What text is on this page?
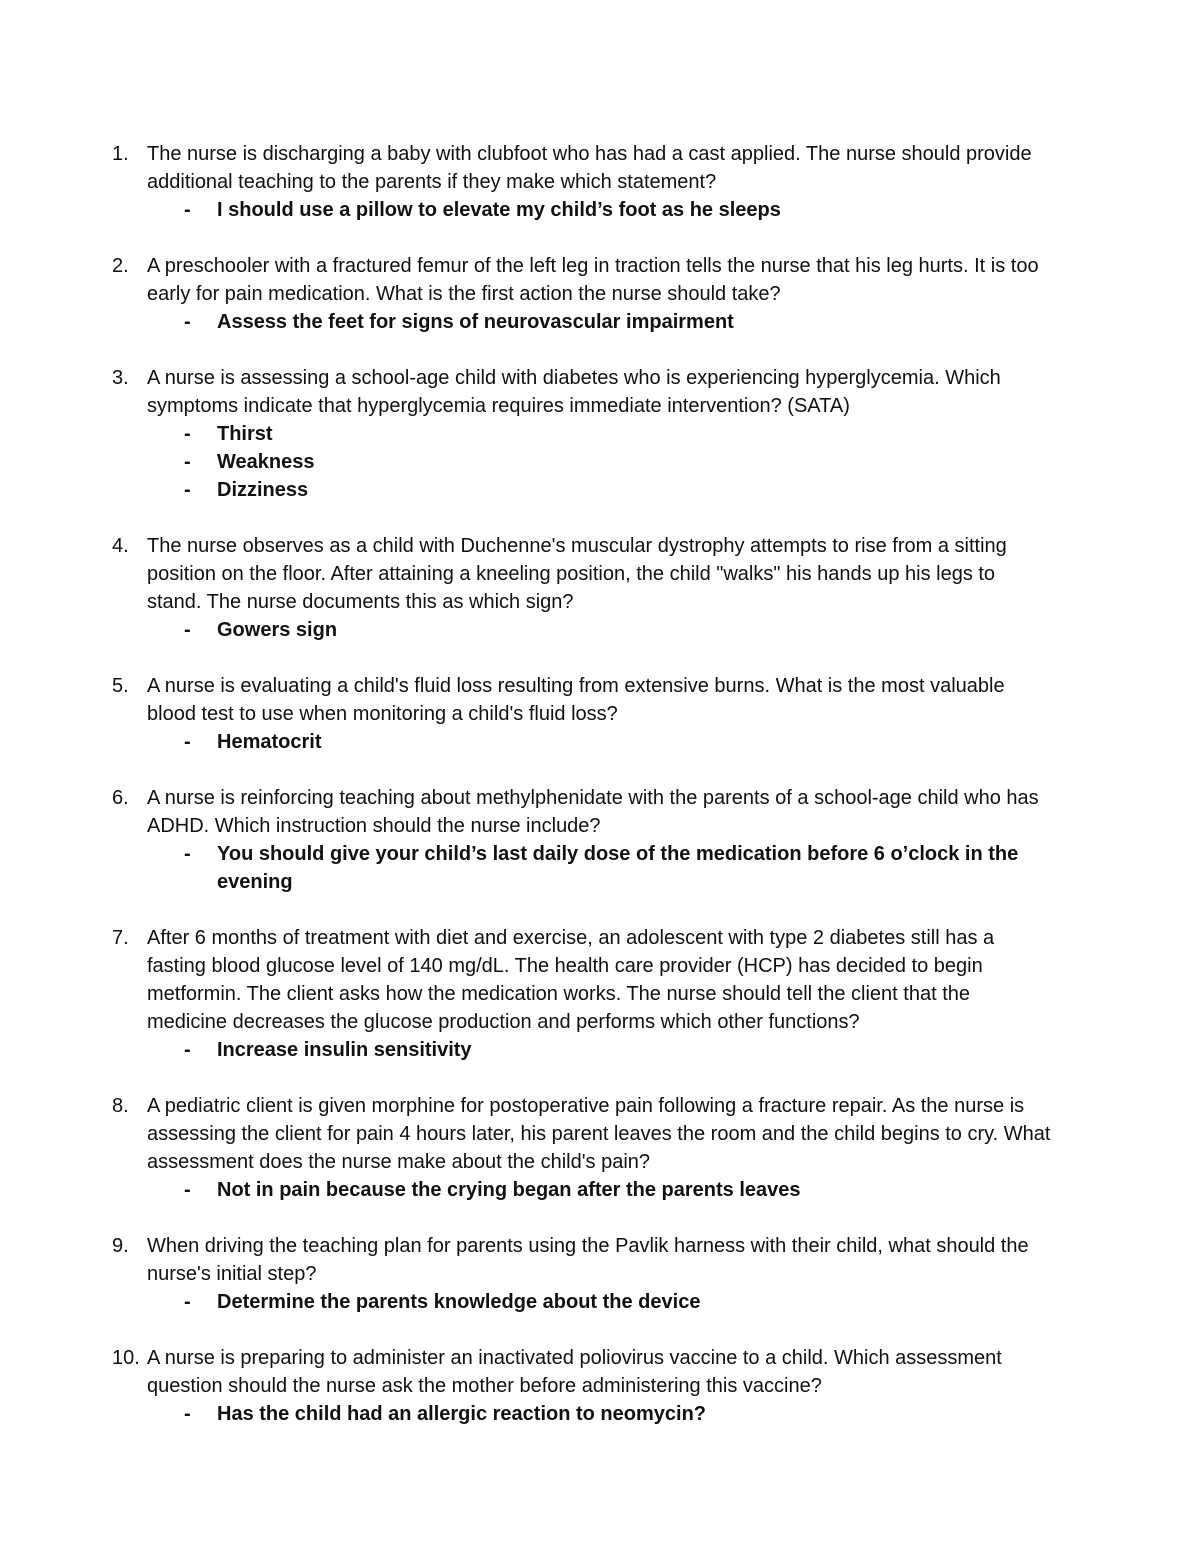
1. The nurse is discharging a baby with clubfoot who has had a cast applied. The nurse should provide additional teaching to the parents if they make which statement?
- I should use a pillow to elevate my child’s foot as he sleeps
2. A preschooler with a fractured femur of the left leg in traction tells the nurse that his leg hurts. It is too early for pain medication. What is the first action the nurse should take?
- Assess the feet for signs of neurovascular impairment
3. A nurse is assessing a school-age child with diabetes who is experiencing hyperglycemia. Which symptoms indicate that hyperglycemia requires immediate intervention? (SATA)
- Thirst
- Weakness
- Dizziness
4. The nurse observes as a child with Duchenne's muscular dystrophy attempts to rise from a sitting position on the floor. After attaining a kneeling position, the child "walks" his hands up his legs to stand. The nurse documents this as which sign?
- Gowers sign
5. A nurse is evaluating a child's fluid loss resulting from extensive burns. What is the most valuable blood test to use when monitoring a child's fluid loss?
- Hematocrit
6. A nurse is reinforcing teaching about methylphenidate with the parents of a school-age child who has ADHD. Which instruction should the nurse include?
- You should give your child’s last daily dose of the medication before 6 o’clock in the evening
7. After 6 months of treatment with diet and exercise, an adolescent with type 2 diabetes still has a fasting blood glucose level of 140 mg/dL. The health care provider (HCP) has decided to begin metformin. The client asks how the medication works. The nurse should tell the client that the medicine decreases the glucose production and performs which other functions?
- Increase insulin sensitivity
8. A pediatric client is given morphine for postoperative pain following a fracture repair. As the nurse is assessing the client for pain 4 hours later, his parent leaves the room and the child begins to cry. What assessment does the nurse make about the child's pain?
- Not in pain because the crying began after the parents leaves
9. When driving the teaching plan for parents using the Pavlik harness with their child, what should the nurse's initial step?
- Determine the parents knowledge about the device
10. A nurse is preparing to administer an inactivated poliovirus vaccine to a child. Which assessment question should the nurse ask the mother before administering this vaccine?
- Has the child had an allergic reaction to neomycin?
